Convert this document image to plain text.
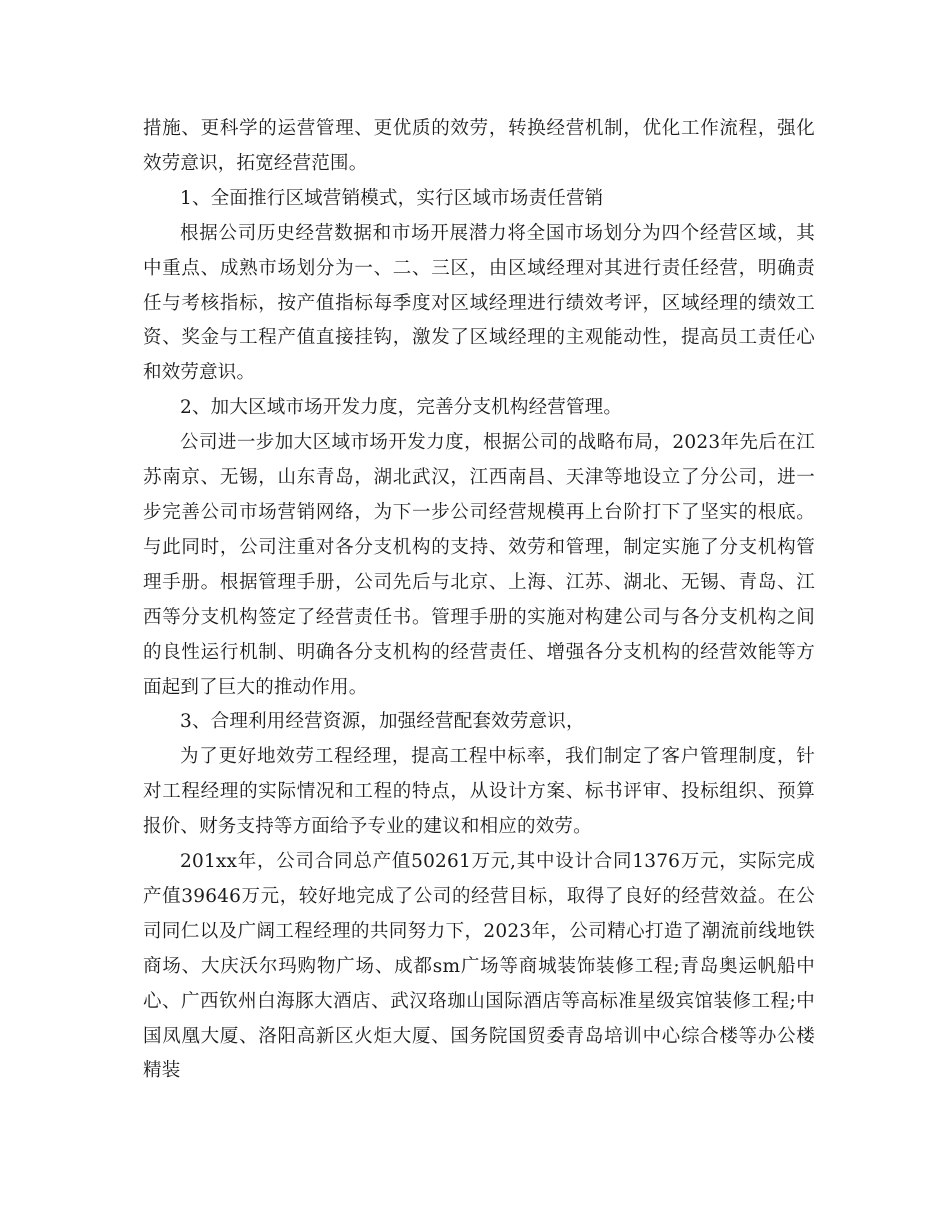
措施、更科学的运营管理、更优质的效劳，转换经营机制，优化工作流程，强化效劳意识，拓宽经营范围。

1、全面推行区域营销模式，实行区域市场责任营销

根据公司历史经营数据和市场开展潜力将全国市场划分为四个经营区域，其中重点、成熟市场划分为一、二、三区，由区域经理对其进行责任经营，明确责任与考核指标，按产值指标每季度对区域经理进行绩效考评，区域经理的绩效工资、奖金与工程产值直接挂钩，激发了区域经理的主观能动性，提高员工责任心和效劳意识。

2、加大区域市场开发力度，完善分支机构经营管理。

公司进一步加大区域市场开发力度，根据公司的战略布局，2023年先后在江苏南京、无锡，山东青岛，湖北武汉，江西南昌、天津等地设立了分公司，进一步完善公司市场营销网络，为下一步公司经营规模再上台阶打下了坚实的根底。与此同时，公司注重对各分支机构的支持、效劳和管理，制定实施了分支机构管理手册。根据管理手册，公司先后与北京、上海、江苏、湖北、无锡、青岛、江西等分支机构签定了经营责任书。管理手册的实施对构建公司与各分支机构之间的良性运行机制、明确各分支机构的经营责任、增强各分支机构的经营效能等方面起到了巨大的推动作用。

3、合理利用经营资源，加强经营配套效劳意识，

为了更好地效劳工程经理，提高工程中标率，我们制定了客户管理制度，针对工程经理的实际情况和工程的特点，从设计方案、标书评审、投标组织、预算报价、财务支持等方面给予专业的建议和相应的效劳。

201xx年，公司合同总产值50261万元,其中设计合同1376万元，实际完成产值39646万元，较好地完成了公司的经营目标，取得了良好的经营效益。在公司同仁以及广阔工程经理的共同努力下，2023年，公司精心打造了潮流前线地铁商场、大庆沃尔玛购物广场、成都sm广场等商城装饰装修工程;青岛奥运帆船中心、广西钦州白海豚大酒店、武汉珞珈山国际酒店等高标准星级宾馆装修工程;中国凤凰大厦、洛阳高新区火炬大厦、国务院国贸委青岛培训中心综合楼等办公楼精装
